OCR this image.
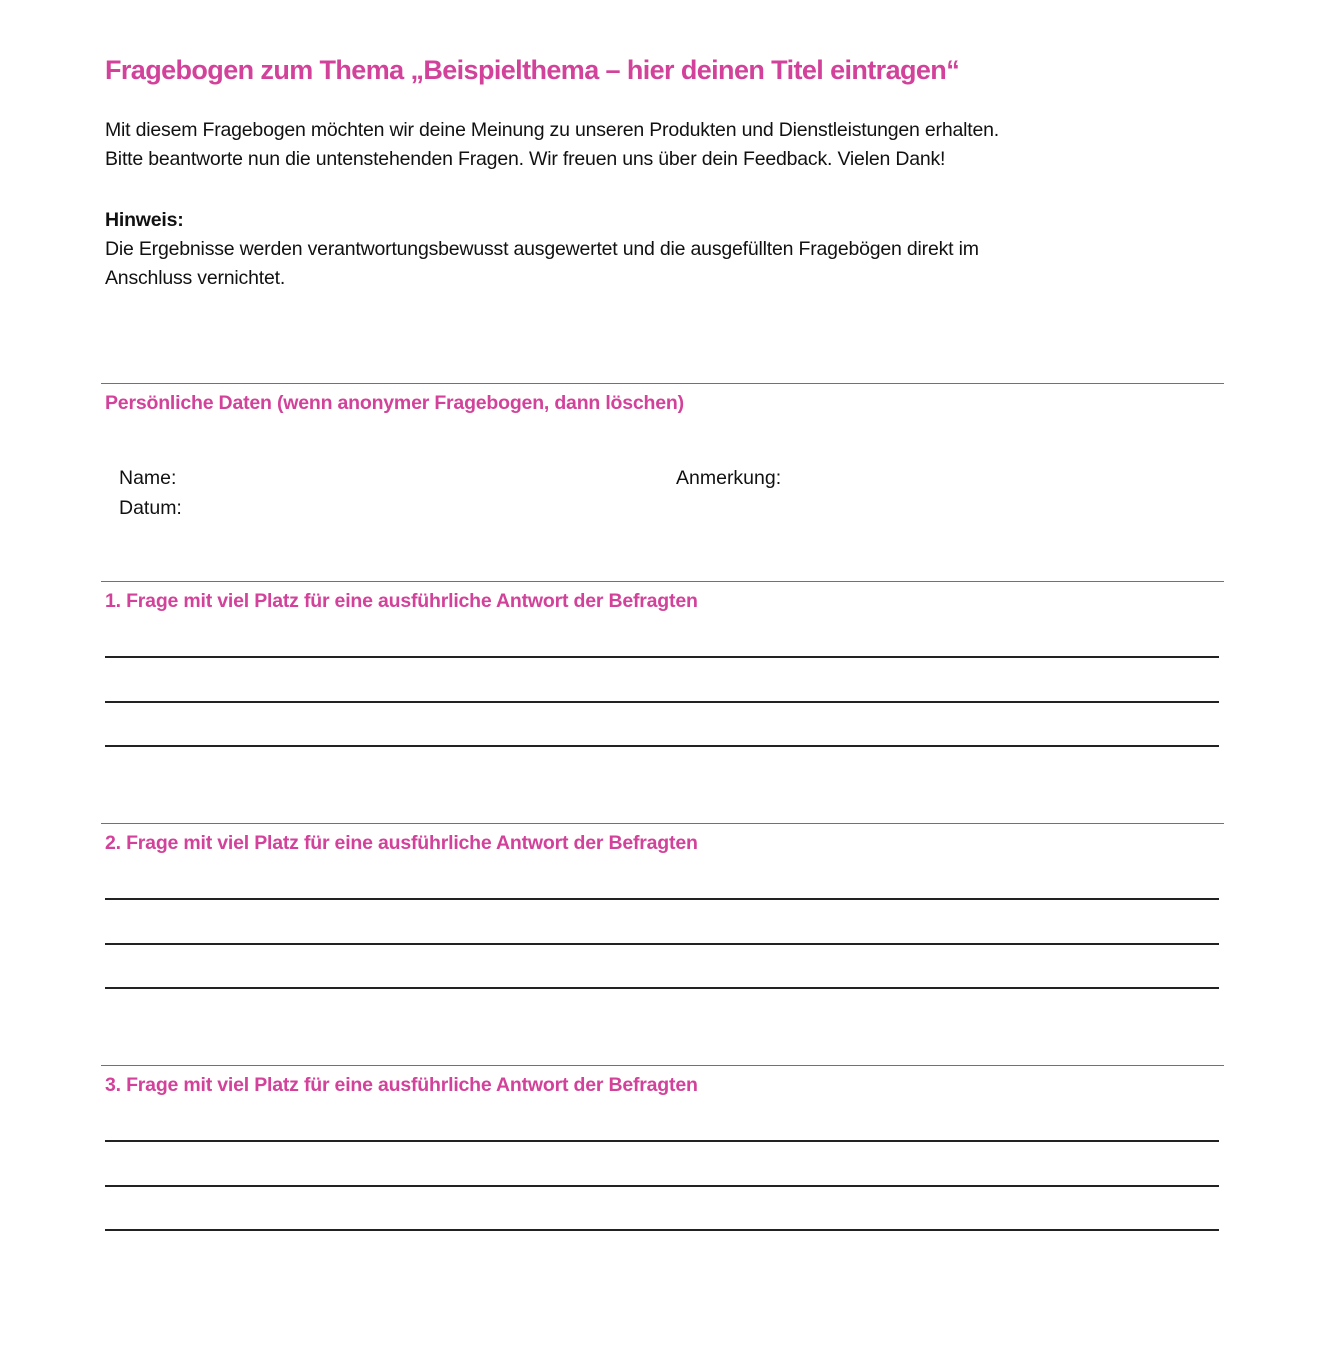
Fragebogen zum Thema „Beispielthema – hier deinen Titel eintragen“
Mit diesem Fragebogen möchten wir deine Meinung zu unseren Produkten und Dienstleistungen erhalten.
Bitte beantworte nun die untenstehenden Fragen. Wir freuen uns über dein Feedback. Vielen Dank!
Hinweis:
Die Ergebnisse werden verantwortungsbewusst ausgewertet und die ausgefüllten Fragebögen direkt im
Anschluss vernichtet.
Persönliche Daten (wenn anonymer Fragebogen, dann löschen)
Name:
Datum:
Anmerkung:
1. Frage mit viel Platz für eine ausführliche Antwort der Befragten
2. Frage mit viel Platz für eine ausführliche Antwort der Befragten
3. Frage mit viel Platz für eine ausführliche Antwort der Befragten
